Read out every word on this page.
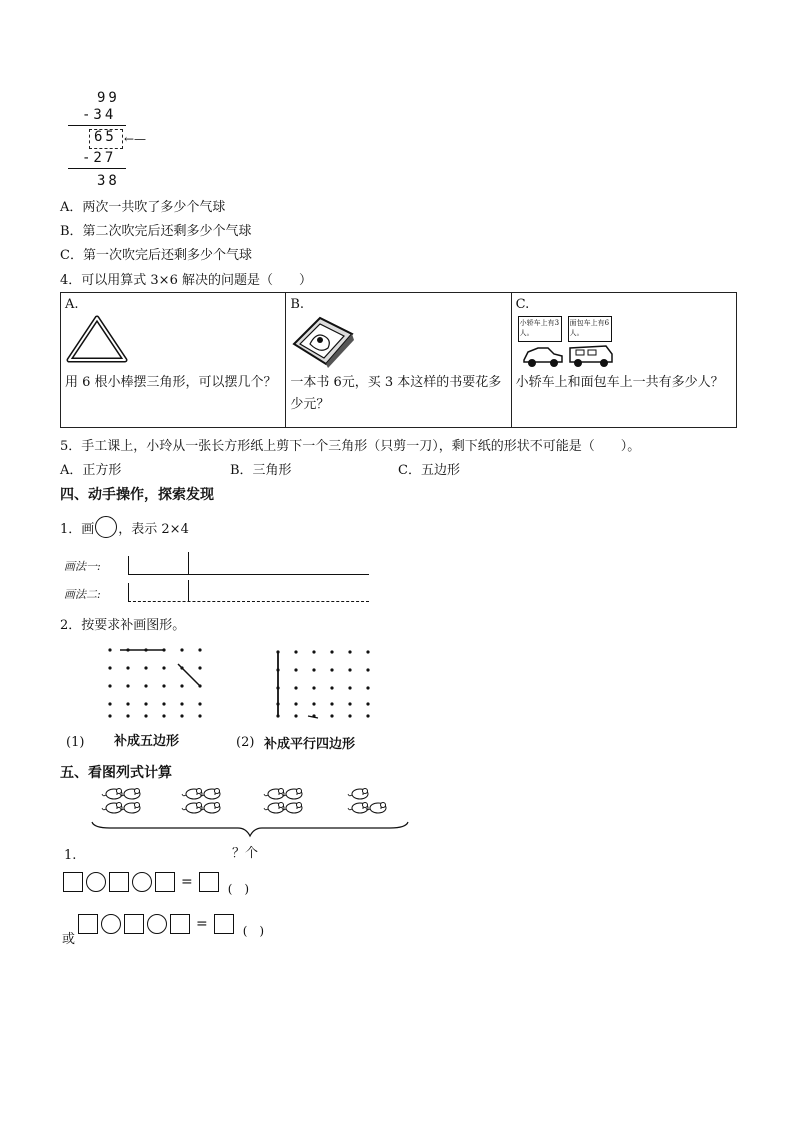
99
-34
65 ←—
-27
38
A．两次一共吹了多少个气球
B．第二次吹完后还剩多少个气球
C．第一次吹完后还剩多少个气球
4．可以用算式 3×6 解决的问题是（　　）
A.
用 6 根小棒摆三角形，可以摆几个？

B.
一本书 6元，买 3 本这样的书要花多少元？

C.
小轿车上有3人。
面包车上有6人。
小轿车上和面包车上一共有多少人？
5．手工课上，小玲从一张长方形纸上剪下一个三角形（只剪一刀），剩下纸的形状不可能是（　　）。
A．正方形	B．三角形	C．五边形
四、动手操作，探索发现
1．画 ，表示 2×4
画法一:
画法二:
2．按要求补画图形。
(1) 补成五边形	(2) 补成平行四边形
五、看图列式计算
？个
1.
=	(　)
或
=	(　)
